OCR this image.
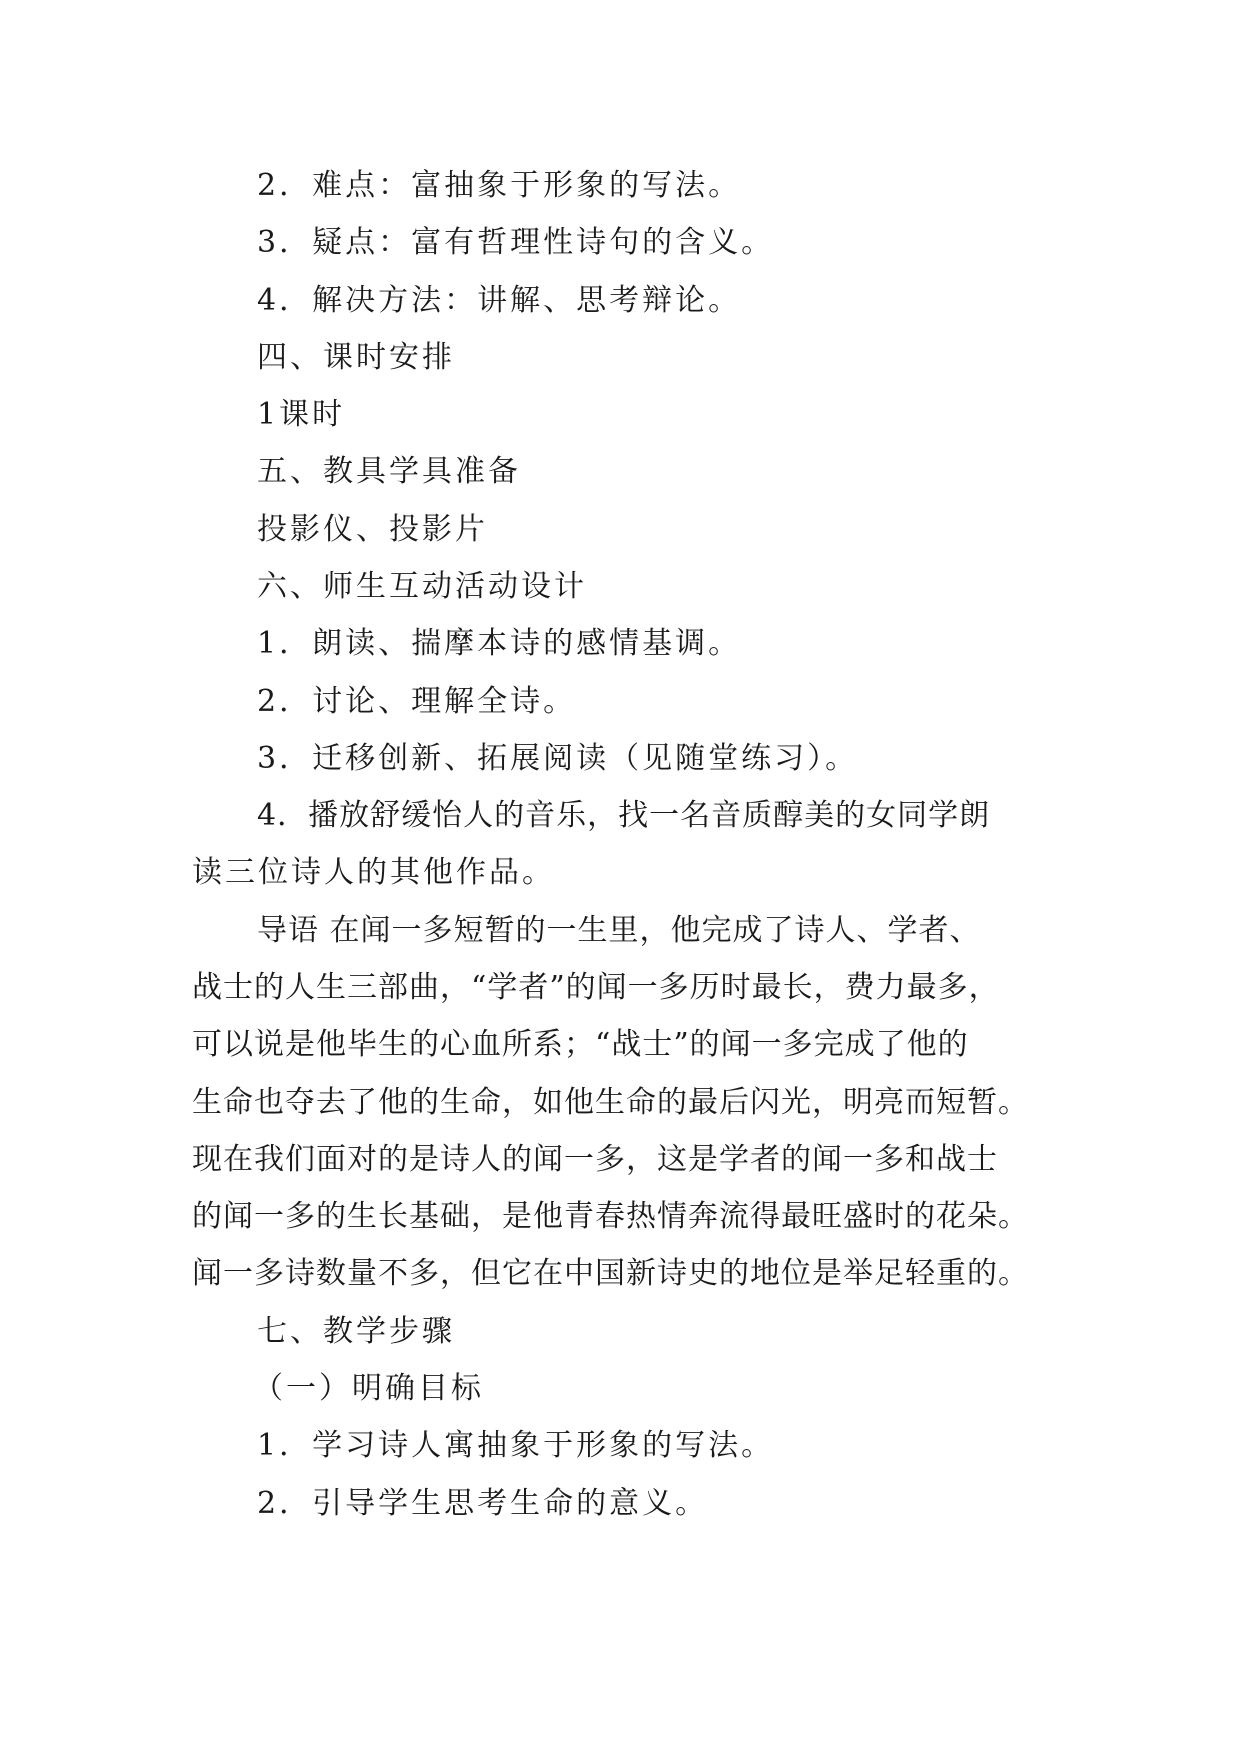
2．难点：富抽象于形象的写法。

3．疑点：富有哲理性诗句的含义。

4．解决方法：讲解、思考辩论。

四、课时安排

1课时

五、教具学具准备

投影仪、投影片

六、师生互动活动设计

1．朗读、揣摩本诗的感情基调。

2．讨论、理解全诗。

3．迁移创新、拓展阅读（见随堂练习）。

4．播放舒缓怡人的音乐，找一名音质醇美的女同学朗

读三位诗人的其他作品。

导语 在闻一多短暂的一生里，他完成了诗人、学者、

战士的人生三部曲，“学者”的闻一多历时最长，费力最多，

可以说是他毕生的心血所系；“战士”的闻一多完成了他的

生命也夺去了他的生命，如他生命的最后闪光，明亮而短暂。

现在我们面对的是诗人的闻一多，这是学者的闻一多和战士

的闻一多的生长基础，是他青春热情奔流得最旺盛时的花朵。

闻一多诗数量不多，但它在中国新诗史的地位是举足轻重的。

七、教学步骤

（一）明确目标

1．学习诗人寓抽象于形象的写法。

2．引导学生思考生命的意义。
